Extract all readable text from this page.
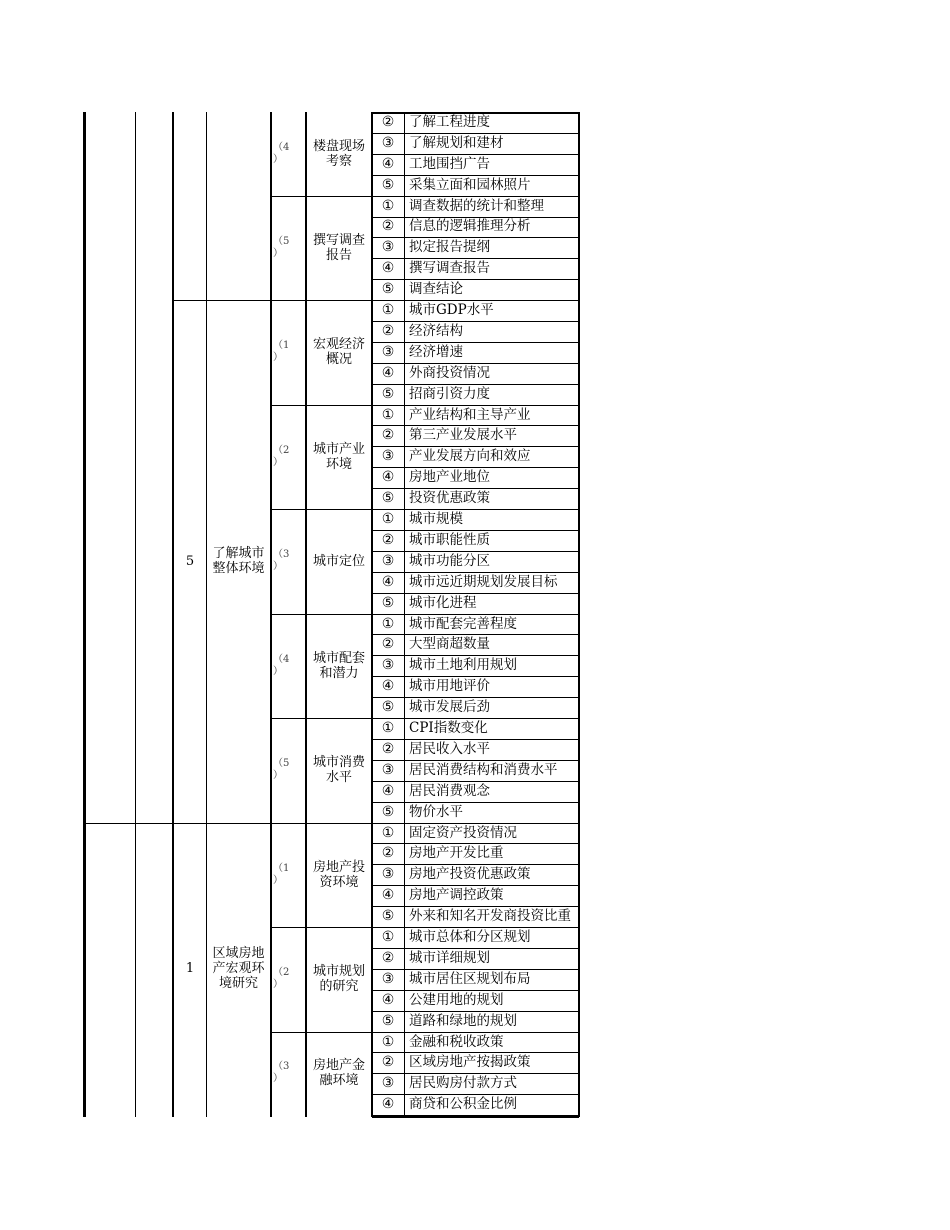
（4
）
楼盘现场
考察
② 了解工程进度
③ 了解规划和建材
④ 工地围挡广告
⑤ 采集立面和园林照片
（5
）
撰写调查
报告
① 调查数据的统计和整理
② 信息的逻辑推理分析
③ 拟定报告提纲
④ 撰写调查报告
⑤ 调查结论
5 了解城市
整体环境
（1
）
宏观经济
概况
① 城市GDP水平
② 经济结构
③ 经济增速
④ 外商投资情况
⑤ 招商引资力度
（2
）
城市产业
环境
① 产业结构和主导产业
② 第三产业发展水平
③ 产业发展方向和效应
④ 房地产业地位
⑤ 投资优惠政策
（3
） 城市定位
① 城市规模
② 城市职能性质
③ 城市功能分区
④ 城市远近期规划发展目标
⑤ 城市化进程
（4
）
城市配套
和潜力
① 城市配套完善程度
② 大型商超数量
③ 城市土地利用规划
④ 城市用地评价
⑤ 城市发展后劲
（5
）
城市消费
水平
① CPI指数变化
② 居民收入水平
③ 居民消费结构和消费水平
④ 居民消费观念
⑤ 物价水平
1
区域房地
产宏观环
境研究
（1
）
房地产投
资环境
① 固定资产投资情况
② 房地产开发比重
③ 房地产投资优惠政策
④ 房地产调控政策
⑤ 外来和知名开发商投资比重
（2
）
城市规划
的研究
① 城市总体和分区规划
② 城市详细规划
③ 城市居住区规划布局
④ 公建用地的规划
⑤ 道路和绿地的规划
（3
）
房地产金
融环境
① 金融和税收政策
② 区域房地产按揭政策
③ 居民购房付款方式
④ 商贷和公积金比例
